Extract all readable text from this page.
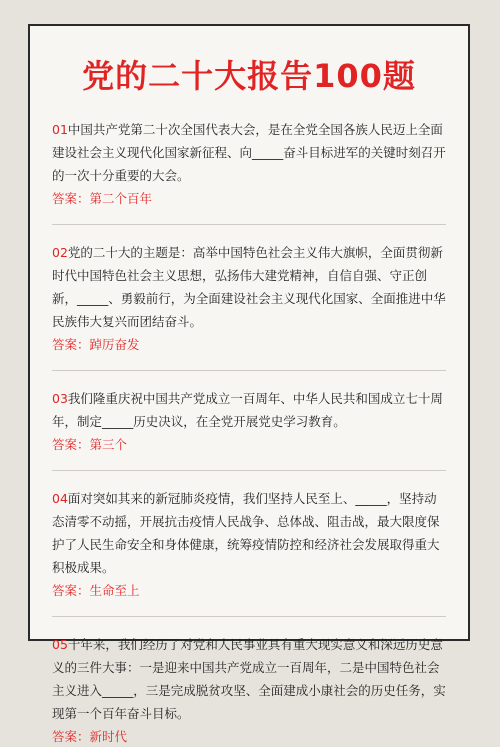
党的二十大报告100题
01中国共产党第二十次全国代表大会，是在全党全国各族人民迈上全面建设社会主义现代化国家新征程、向_____奋斗目标进军的关键时刻召开的一次十分重要的大会。
答案：第二个百年
02党的二十大的主题是：高举中国特色社会主义伟大旗帜，全面贯彻新时代中国特色社会主义思想，弘扬伟大建党精神，自信自强、守正创新，_____、勇毅前行，为全面建设社会主义现代化国家、全面推进中华民族伟大复兴而团结奋斗。
答案：踔厉奋发
03我们隆重庆祝中国共产党成立一百周年、中华人民共和国成立七十周年，制定_____历史决议，在全党开展党史学习教育。
答案：第三个
04面对突如其来的新冠肺炎疫情，我们坚持人民至上、_____，坚持动态清零不动摇，开展抗击疫情人民战争、总体战、阻击战，最大限度保护了人民生命安全和身体健康，统筹疫情防控和经济社会发展取得重大积极成果。
答案：生命至上
05十年来，我们经历了对党和人民事业具有重大现实意义和深远历史意义的三件大事：一是迎来中国共产党成立一百周年，二是中国特色社会主义进入_____，三是完成脱贫攻坚、全面建成小康社会的历史任务，实现第一个百年奋斗目标。
答案：新时代
